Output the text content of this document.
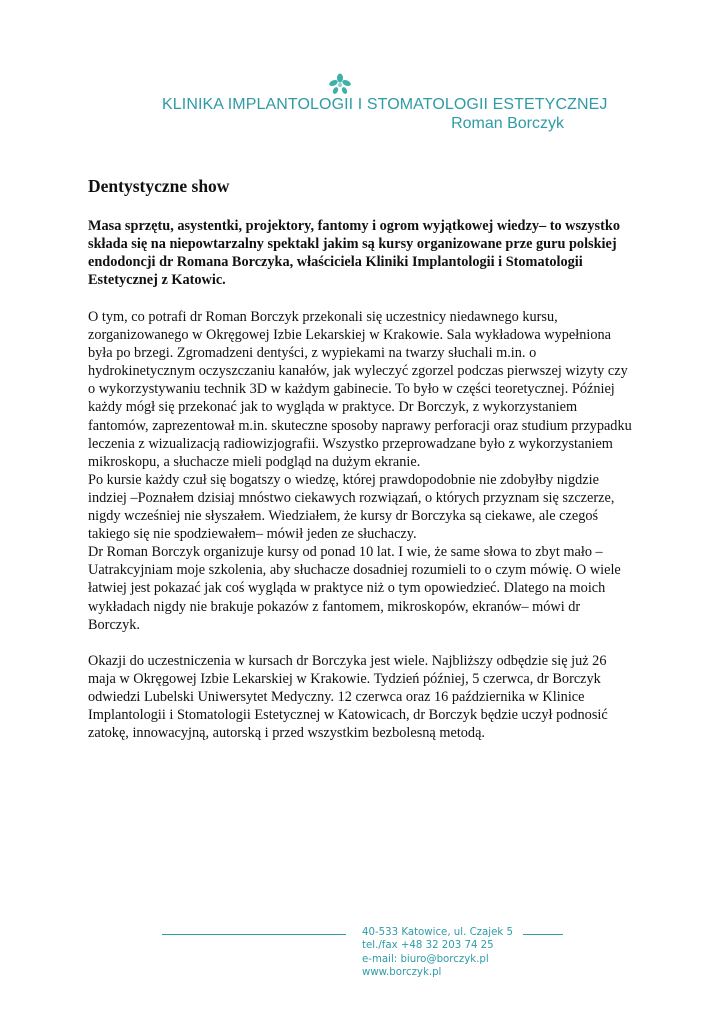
KLINIKA IMPLANTOLOGII I STOMATOLOGII ESTETYCZNEJ
Roman Borczyk
Dentystyczne show

Masa sprzętu, asystentki, projektory, fantomy i ogrom wyjątkowej wiedzy– to wszystko składa się na niepowtarzalny spektakl jakim są kursy organizowane prze guru polskiej endodoncji dr Romana Borczyka, właściciela Kliniki Implantologii i Stomatologii Estetycznej z Katowic.

O tym, co potrafi dr Roman Borczyk przekonali się uczestnicy niedawnego kursu, zorganizowanego w Okręgowej Izbie Lekarskiej w Krakowie. Sala wykładowa wypełniona była po brzegi. Zgromadzeni dentyści, z wypiekami na twarzy słuchali m.in. o hydrokinetycznym oczyszczaniu kanałów, jak wyleczyć zgorzel podczas pierwszej wizyty czy o wykorzystywaniu technik 3D w każdym gabinecie. To było w części teoretycznej. Później każdy mógł się przekonać jak to wygląda w praktyce. Dr Borczyk, z wykorzystaniem fantomów, zaprezentował m.in. skuteczne sposoby naprawy perforacji oraz studium przypadku leczenia z wizualizacją radiowizjografii. Wszystko przeprowadzane było z wykorzystaniem mikroskopu, a słuchacze mieli podgląd na dużym ekranie.

Po kursie każdy czuł się bogatszy o wiedzę, której prawdopodobnie nie zdobyłby nigdzie indziej –Poznałem dzisiaj mnóstwo ciekawych rozwiązań, o których przyznam się szczerze, nigdy wcześniej nie słyszałem. Wiedziałem, że kursy dr Borczyka są ciekawe, ale czegoś takiego się nie spodziewałem– mówił jeden ze słuchaczy.

Dr Roman Borczyk organizuje kursy od ponad 10 lat. I wie, że same słowa to zbyt mało – Uatrakcyjniam moje szkolenia, aby słuchacze dosadniej rozumieli to o czym mówię. O wiele łatwiej jest pokazać jak coś wygląda w praktyce niż o tym opowiedzieć. Dlatego na moich wykładach nigdy nie brakuje pokazów z fantomem, mikroskopów, ekranów– mówi dr Borczyk.

Okazji do uczestniczenia w kursach dr Borczyka jest wiele. Najbliższy odbędzie się już 26 maja w Okręgowej Izbie Lekarskiej w Krakowie. Tydzień później, 5 czerwca, dr Borczyk odwiedzi Lubelski Uniwersytet Medyczny. 12 czerwca oraz 16 października w Klinice Implantologii i Stomatologii Estetycznej w Katowicach, dr Borczyk będzie uczył podnosić zatokę, innowacyjną, autorską i przed wszystkim bezbolesną metodą.

40-533 Katowice, ul. Czajek 5
tel./fax +48 32 203 74 25
e-mail: biuro@borczyk.pl
www.borczyk.pl
